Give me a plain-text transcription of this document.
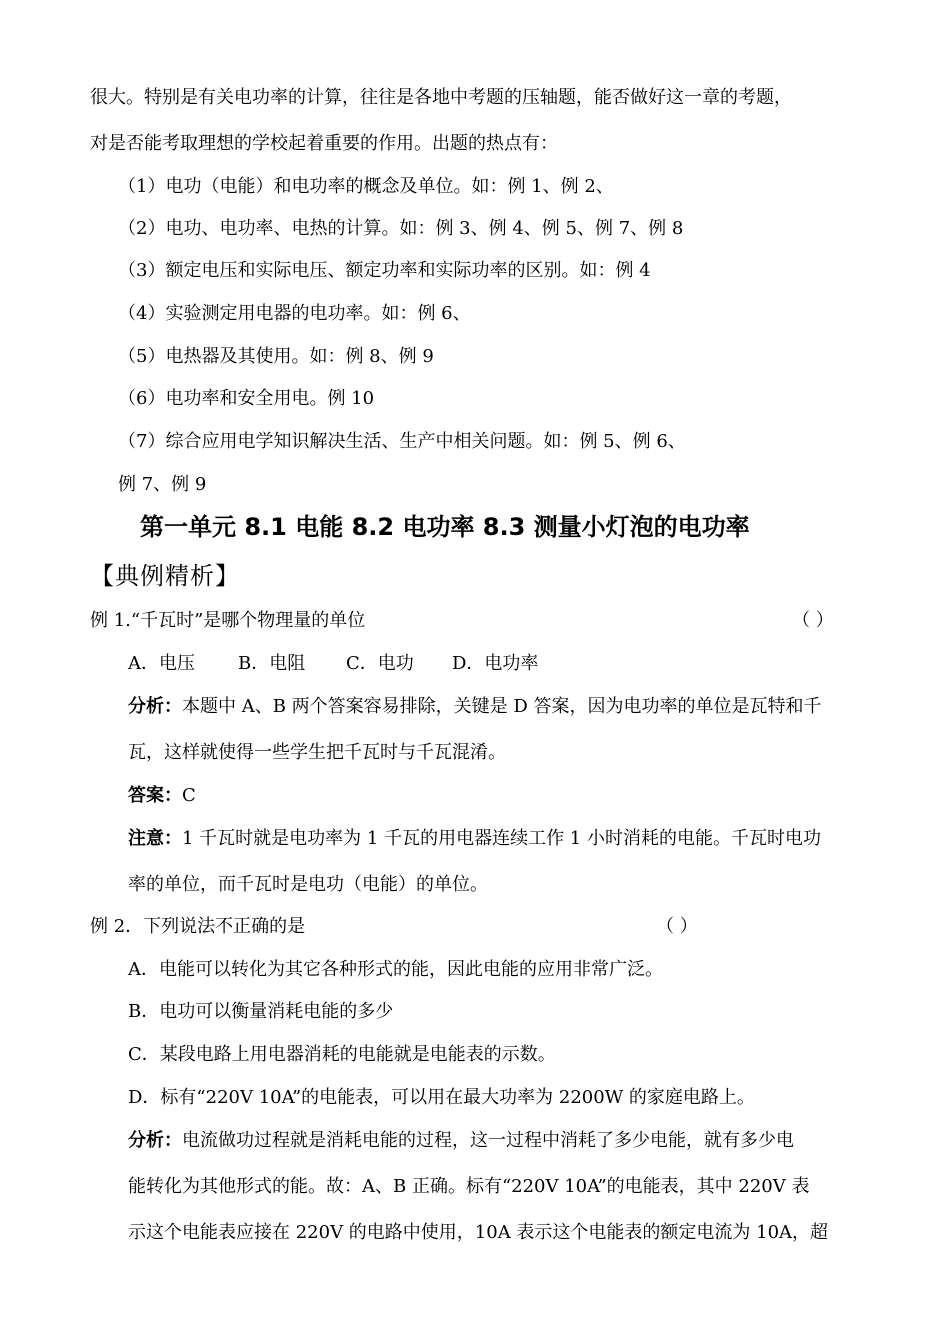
很大。特别是有关电功率的计算，往往是各地中考题的压轴题，能否做好这一章的考题，
对是否能考取理想的学校起着重要的作用。出题的热点有：
（1）电功（电能）和电功率的概念及单位。如：例 1、例 2、
（2）电功、电功率、电热的计算。如：例 3、例 4、例 5、例 7、例 8
（3）额定电压和实际电压、额定功率和实际功率的区别。如：例 4
（4）实验测定用电器的电功率。如：例 6、
（5）电热器及其使用。如：例 8、例 9
（6）电功率和安全用电。例 10
（7）综合应用电学知识解决生活、生产中相关问题。如：例 5、例 6、
例 7、例 9
第一单元 8.1 电能 8.2 电功率 8.3 测量小灯泡的电功率
【典例精析】
例 1.“千瓦时”是哪个物理量的单位	（ ）
A．电压 B．电阻 C．电功 D．电功率
分析：本题中 A、B 两个答案容易排除，关键是 D 答案，因为电功率的单位是瓦特和千
瓦，这样就使得一些学生把千瓦时与千瓦混淆。
答案：C
注意：1 千瓦时就是电功率为 1 千瓦的用电器连续工作 1 小时消耗的电能。千瓦时电功
率的单位，而千瓦时是电功（电能）的单位。
例 2．下列说法不正确的是	（ ）
A．电能可以转化为其它各种形式的能，因此电能的应用非常广泛。
B．电功可以衡量消耗电能的多少
C．某段电路上用电器消耗的电能就是电能表的示数。
D．标有“220V 10A”的电能表，可以用在最大功率为 2200W 的家庭电路上。
分析：电流做功过程就是消耗电能的过程，这一过程中消耗了多少电能，就有多少电
能转化为其他形式的能。故：A、B 正确。标有“220V 10A”的电能表，其中 220V 表
示这个电能表应接在 220V 的电路中使用，10A 表示这个电能表的额定电流为 10A，超
